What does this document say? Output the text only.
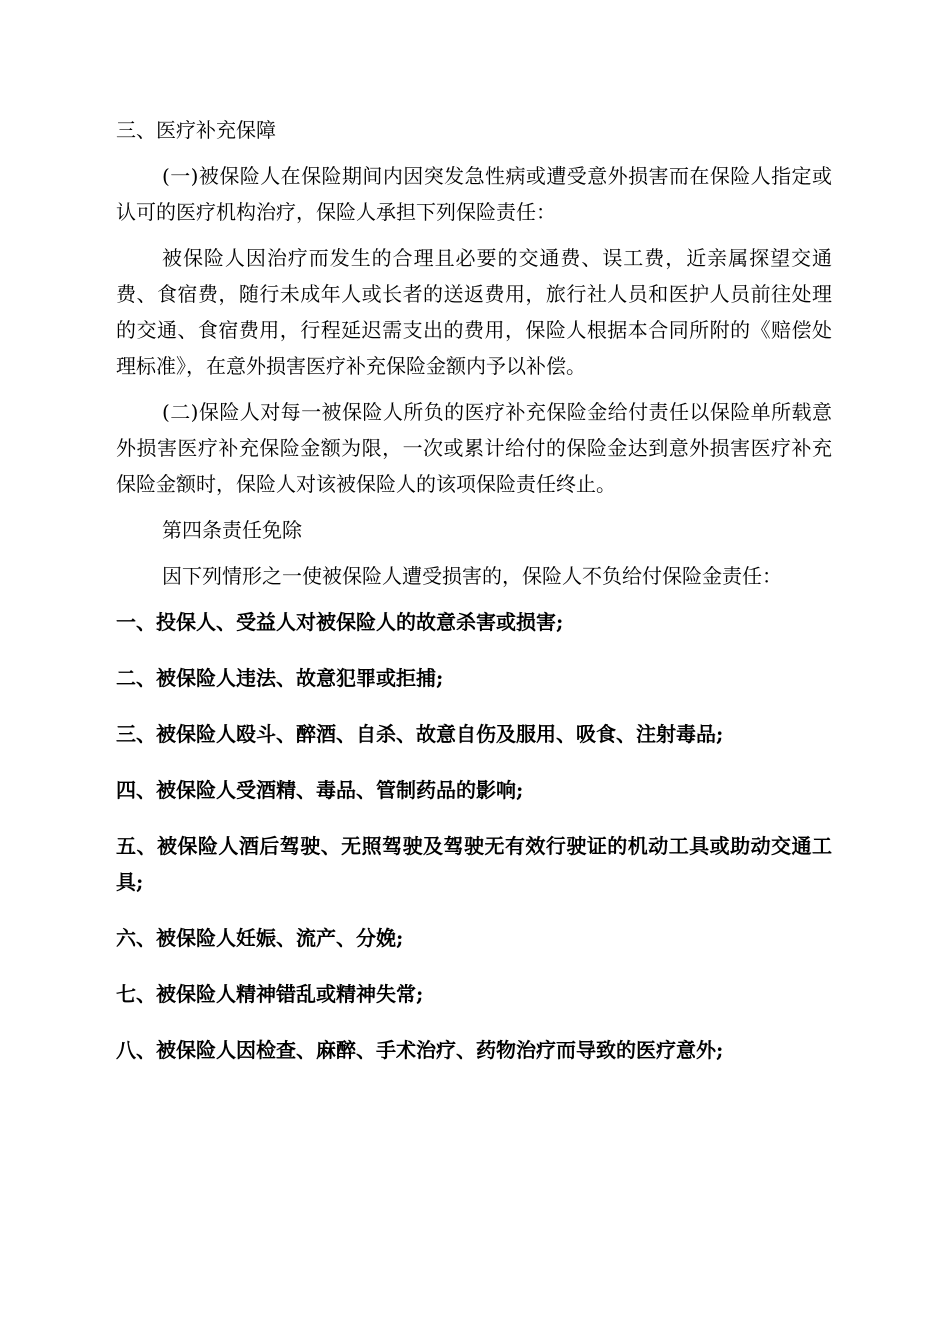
三、医疗补充保障
(一)被保险人在保险期间内因突发急性病或遭受意外损害而在保险人指定或认可的医疗机构治疗，保险人承担下列保险责任：
被保险人因治疗而发生的合理且必要的交通费、误工费，近亲属探望交通费、食宿费，随行未成年人或长者的送返费用，旅行社人员和医护人员前往处理的交通、食宿费用，行程延迟需支出的费用，保险人根据本合同所附的《赔偿处理标准》，在意外损害医疗补充保险金额内予以补偿。
(二)保险人对每一被保险人所负的医疗补充保险金给付责任以保险单所载意外损害医疗补充保险金额为限，一次或累计给付的保险金达到意外损害医疗补充保险金额时，保险人对该被保险人的该项保险责任终止。
第四条责任免除
因下列情形之一使被保险人遭受损害的，保险人不负给付保险金责任：
一、投保人、受益人对被保险人的故意杀害或损害;
二、被保险人违法、故意犯罪或拒捕;
三、被保险人殴斗、醉酒、自杀、故意自伤及服用、吸食、注射毒品;
四、被保险人受酒精、毒品、管制药品的影响;
五、被保险人酒后驾驶、无照驾驶及驾驶无有效行驶证的机动工具或助动交通工具;
六、被保险人妊娠、流产、分娩;
七、被保险人精神错乱或精神失常;
八、被保险人因检查、麻醉、手术治疗、药物治疗而导致的医疗意外;
